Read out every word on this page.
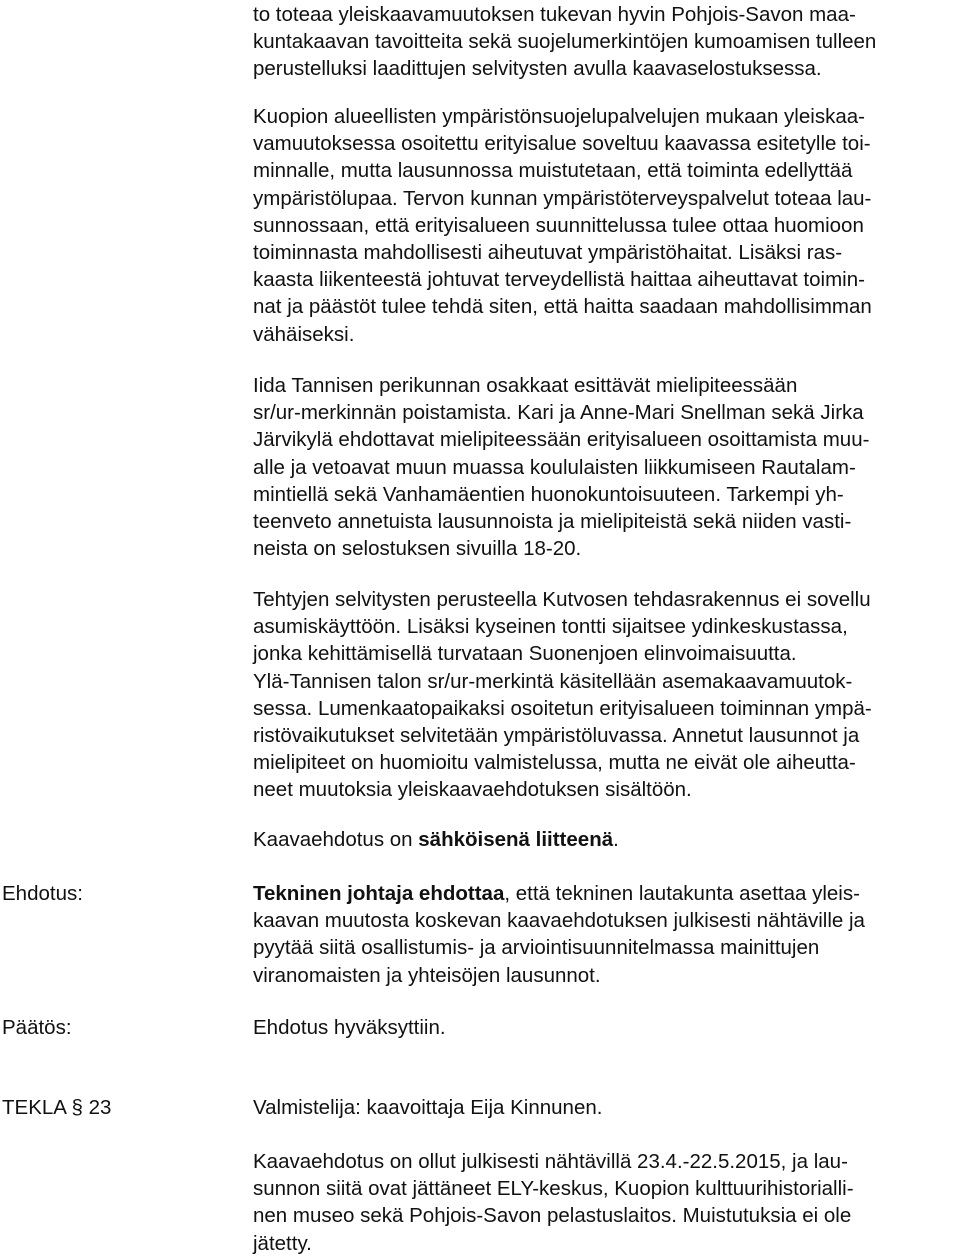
to toteaa yleiskaavamuutoksen tukevan hyvin Pohjois-Savon maa-
kuntakaavan tavoitteita sekä suojelumerkintöjen kumoamisen tulleen
perustelluksi laadittujen selvitysten avulla kaavaselostuksessa.

Kuopion alueellisten ympäristönsuojelupalvelujen mukaan yleiskaa-
vamuutoksessa osoitettu erityisalue soveltuu kaavassa esitetylle toi-
minnalle, mutta lausunnossa muistutetaan, että toiminta edellyttää
ympäristölupaa. Tervon kunnan ympäristöterveyspalvelut toteaa lau-
sunnossaan, että erityisalueen suunnittelussa tulee ottaa huomioon
toiminnasta mahdollisesti aiheutuvat ympäristöhaitat. Lisäksi ras-
kaasta liikenteestä johtuvat terveydellistä haittaa aiheuttavat toimin-
nat ja päästöt tulee tehdä siten, että haitta saadaan mahdollisimman
vähäiseksi.

Iida Tannisen perikunnan osakkaat esittävät mielipiteessään
sr/ur-merkinnän poistamista. Kari ja Anne-Mari Snellman sekä Jirka
Järvikylä ehdottavat mielipiteessään erityisalueen osoittamista muu-
alle ja vetoavat muun muassa koululaisten liikkumiseen Rautalam-
mintiellä sekä Vanhamäentien huonokuntoisuuteen. Tarkempi yh-
teenveto annetuista lausunnoista ja mielipiteistä sekä niiden vasti-
neista on selostuksen sivuilla 18-20.

Tehtyjen selvitysten perusteella Kutvosen tehdasrakennus ei sovellu
asumiskäyttöön. Lisäksi kyseinen tontti sijaitsee ydinkeskustassa,
jonka kehittämisellä turvataan Suonenjoen elinvoimaisuutta.
Ylä-Tannisen talon sr/ur-merkintä käsitellään asemakaavamuutok-
sessa. Lumenkaatopaikaksi osoitetun erityisalueen toiminnan ympä-
ristövaikutukset selvitetään ympäristöluvassa. Annetut lausunnot ja
mielipiteet on huomioitu valmistelussa, mutta ne eivät ole aiheutta-
neet muutoksia yleiskaavaehdotuksen sisältöön.

Kaavaehdotus on sähköisenä liitteenä.

Ehdotus:	Tekninen johtaja ehdottaa, että tekninen lautakunta asettaa yleis-
kaavan muutosta koskevan kaavaehdotuksen julkisesti nähtäville ja
pyytää siitä osallistumis- ja arviointisuunnitelmassa mainittujen
viranomaisten ja yhteisöjen lausunnot.

Päätös:	Ehdotus hyväksyttiin.

TEKLA § 23	Valmistelija: kaavoittaja Eija Kinnunen.

Kaavaehdotus on ollut julkisesti nähtävillä 23.4.-22.5.2015, ja lau-
sunnon siitä ovat jättäneet ELY-keskus, Kuopion kulttuurihistorialli-
nen museo sekä Pohjois-Savon pelastuslaitos. Muistutuksia ei ole
jätetty.
